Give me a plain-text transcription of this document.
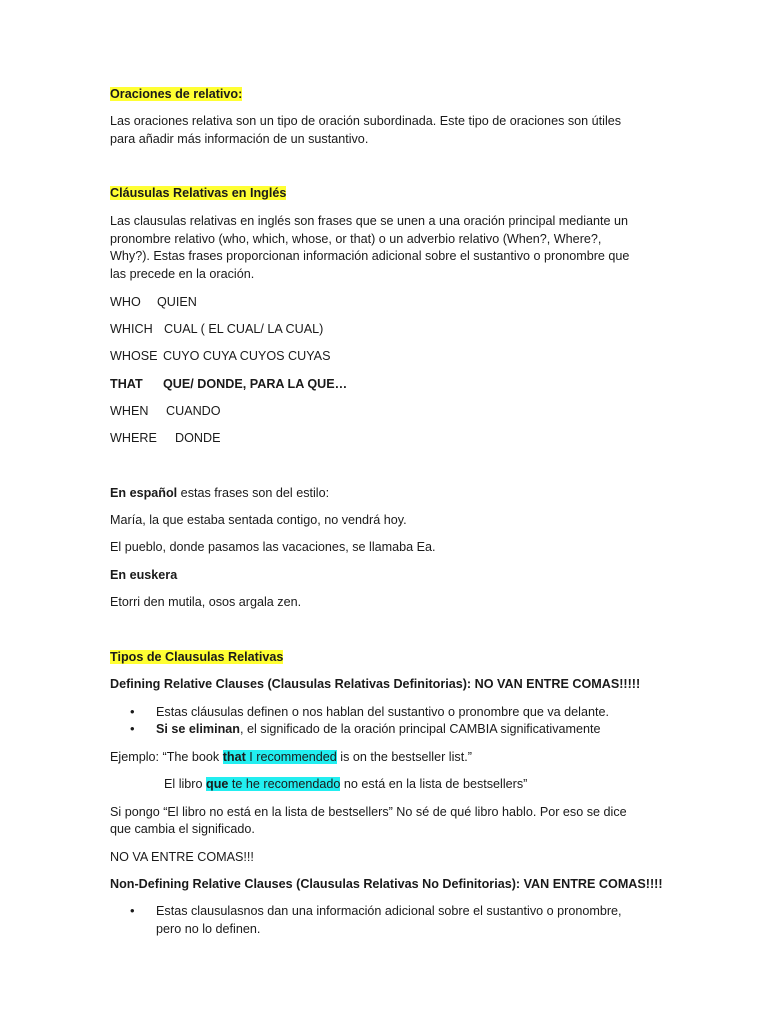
Oraciones de relativo:
Las oraciones relativa son un tipo de oración subordinada. Este tipo de oraciones son útiles
para añadir más información de un sustantivo.
Cláusulas Relativas en Inglés
Las clausulas relativas en inglés son frases que se unen a una oración principal mediante un
pronombre relativo (who, which, whose, or that) o un adverbio relativo (When?, Where?,
Why?). Estas frases proporcionan información adicional sobre el sustantivo o pronombre que
las precede en la oración.
WHO QUIEN
WHICH CUAL ( EL CUAL/ LA CUAL)
WHOSE CUYO CUYA CUYOS CUYAS
THAT QUE/ DONDE, PARA LA QUE…
WHEN CUANDO
WHERE DONDE
En español estas frases son del estilo:
María, la que estaba sentada contigo, no vendrá hoy.
El pueblo, donde pasamos las vacaciones, se llamaba Ea.
En euskera
Etorri den mutila, osos argala zen.
Tipos de Clausulas Relativas
Defining Relative Clauses (Clausulas Relativas Definitorias): NO VAN ENTRE COMAS!!!!!
• Estas cláusulas definen o nos hablan del sustantivo o pronombre que va delante.
• Si se eliminan, el significado de la oración principal CAMBIA significativamente
Ejemplo: “The book that I recommended is on the bestseller list.”
El libro que te he recomendado no está en la lista de bestsellers”
Si pongo “El libro no está en la lista de bestsellers” No sé de qué libro hablo. Por eso se dice
que cambia el significado.
NO VA ENTRE COMAS!!!
Non-Defining Relative Clauses (Clausulas Relativas No Definitorias): VAN ENTRE COMAS!!!!
• Estas clausulasnos dan una información adicional sobre el sustantivo o pronombre,
pero no lo definen.
